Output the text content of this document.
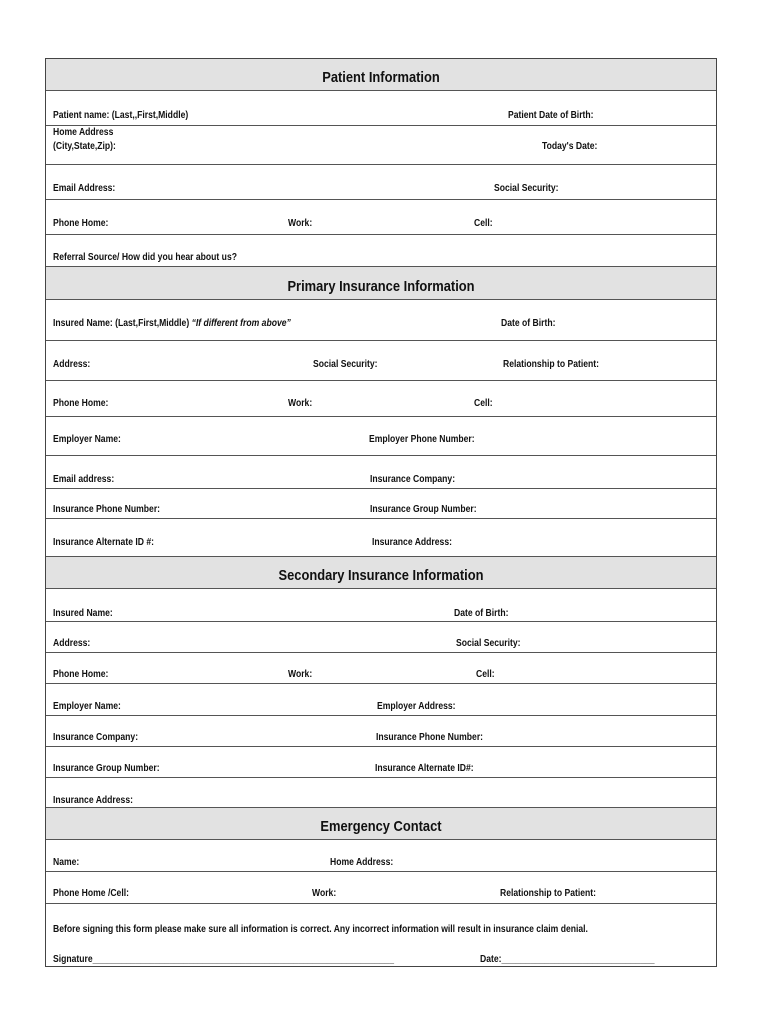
Patient Information
Patient name: (Last,,First,Middle)	Patient Date of Birth:
Home Address
(City,State,Zip):	Today's Date:
Email Address:	Social Security:
Phone Home:	Work:	Cell:
Referral Source/ How did you hear about us?
Primary Insurance Information
Insured Name: (Last,First,Middle) “If different from above”	Date of Birth:
Address:	Social Security:	Relationship to Patient:
Phone Home:	Work:	Cell:
Employer Name:	Employer Phone Number:
Email address:	Insurance Company:
Insurance Phone Number:	Insurance Group Number:
Insurance Alternate ID #:	Insurance Address:
Secondary Insurance Information
Insured Name:	Date of Birth:
Address:	Social Security:
Phone Home:	Work:	Cell:
Employer Name:	Employer Address:
Insurance Company:	Insurance Phone Number:
Insurance Group Number:	Insurance Alternate ID#:
Insurance Address:
Emergency Contact
Name:	Home Address:
Phone Home /Cell:	Work:	Relationship to Patient:
Before signing this form please make sure all information is correct. Any incorrect information will result in insurance claim denial.
Signature_______________________________________________________________	Date:________________________________
